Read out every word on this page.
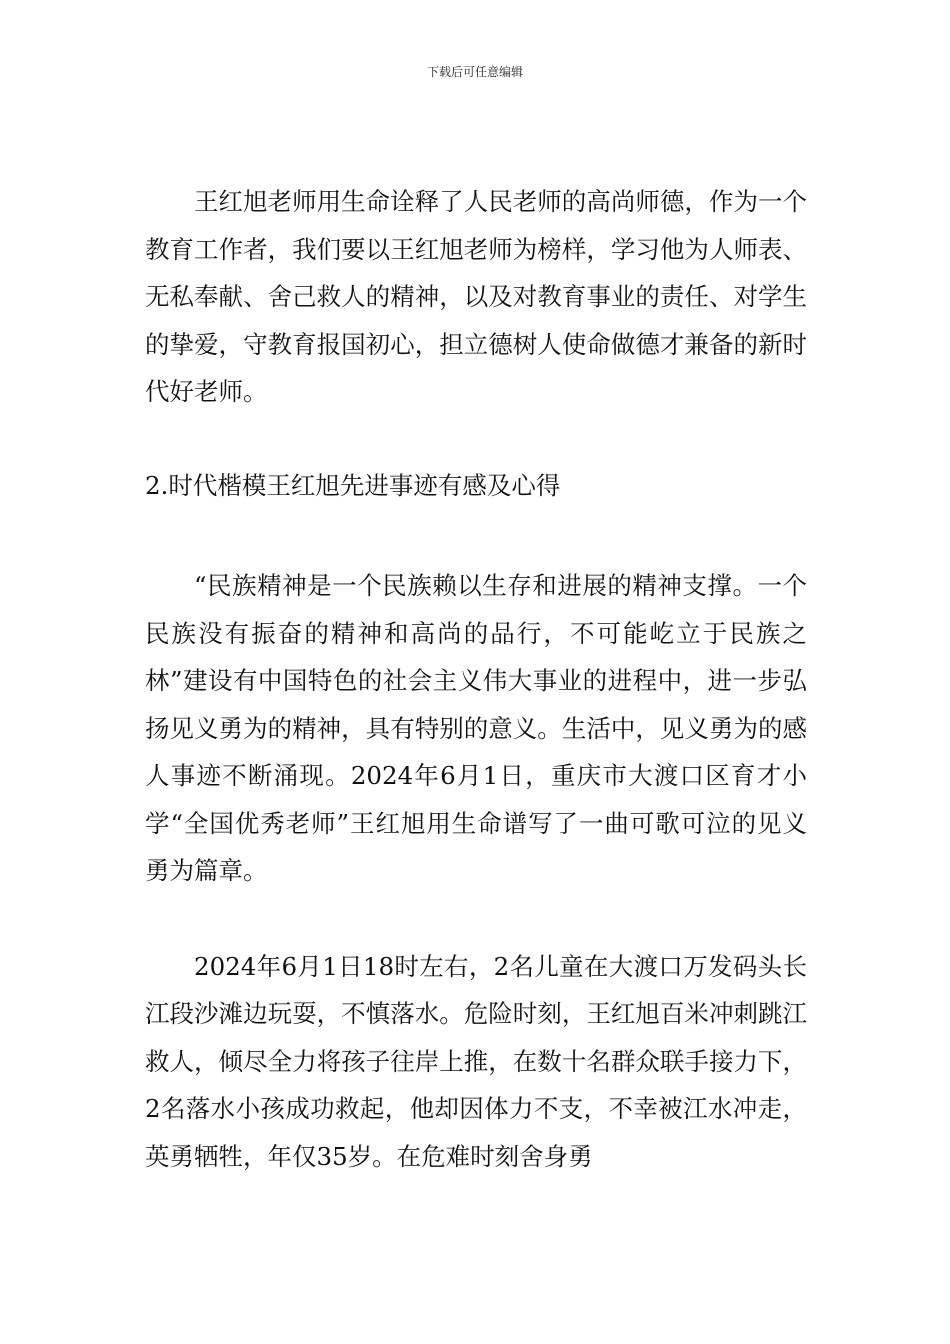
下载后可任意编辑

王红旭老师用生命诠释了人民老师的高尚师德，作为一个教育工作者，我们要以王红旭老师为榜样，学习他为人师表、无私奉献、舍己救人的精神，以及对教育事业的责任、对学生的挚爱，守教育报国初心，担立德树人使命做德才兼备的新时代好老师。

2.时代楷模王红旭先进事迹有感及心得

“民族精神是一个民族赖以生存和进展的精神支撑。一个民族没有振奋的精神和高尚的品行，不可能屹立于民族之林”建设有中国特色的社会主义伟大事业的进程中，进一步弘扬见义勇为的精神，具有特别的意义。生活中，见义勇为的感人事迹不断涌现。2024年6月1日，重庆市大渡口区育才小学“全国优秀老师”王红旭用生命谱写了一曲可歌可泣的见义勇为篇章。

2024年6月1日18时左右，2名儿童在大渡口万发码头长江段沙滩边玩耍，不慎落水。危险时刻，王红旭百米冲刺跳江救人，倾尽全力将孩子往岸上推，在数十名群众联手接力下，2名落水小孩成功救起，他却因体力不支，不幸被江水冲走，英勇牺牲，年仅35岁。在危难时刻舍身勇
